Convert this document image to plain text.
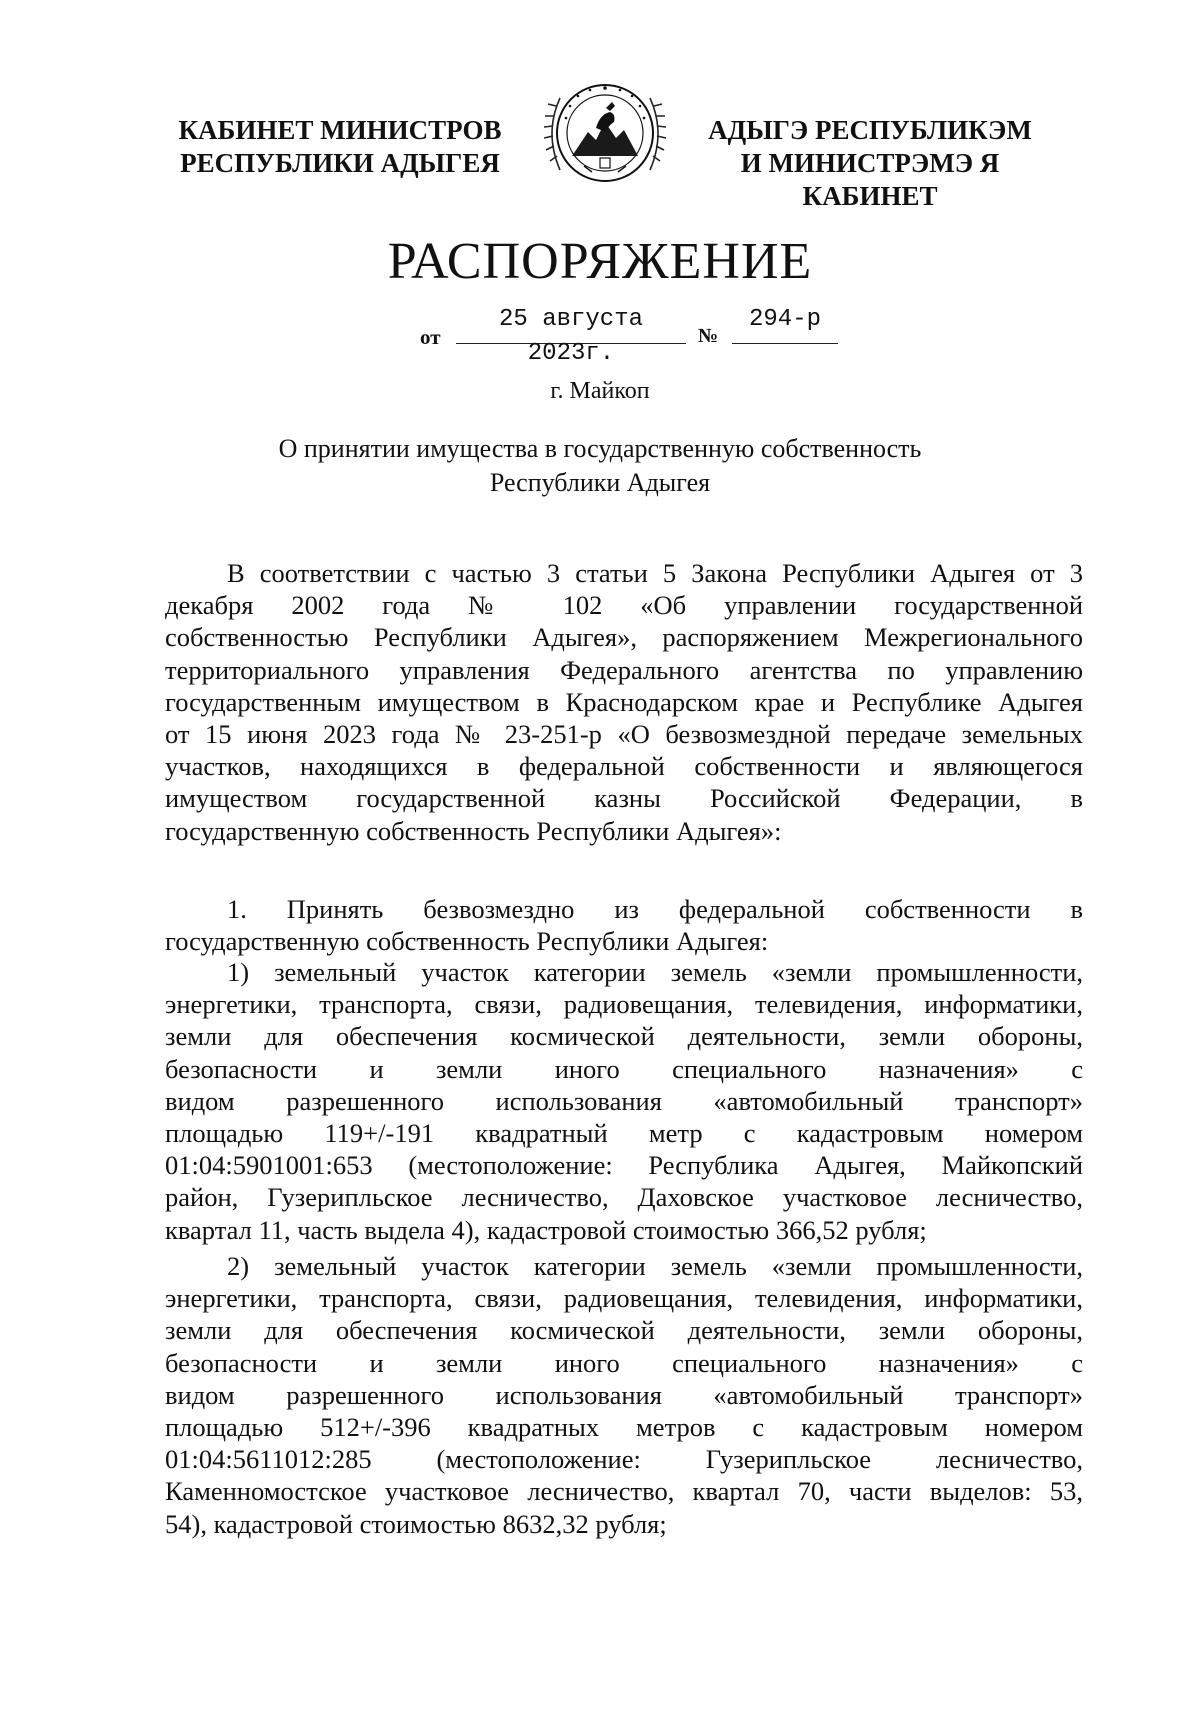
КАБИНЕТ МИНИСТРОВ
РЕСПУБЛИКИ АДЫГЕЯ
АДЫГЭ РЕСПУБЛИКЭМ
И МИНИСТРЭМЭ Я КАБИНЕТ
РАСПОРЯЖЕНИЕ
от
25 августа 2023г.
№
294-р
г. Майкоп
О принятии имущества в государственную собственность
Республики Адыгея
В соответствии с частью 3 статьи 5 Закона Республики Адыгея от 3
декабря 2002 года № 102 «Об управлении государственной
собственностью Республики Адыгея», распоряжением Межрегионального
территориального управления Федерального агентства по управлению
государственным имуществом в Краснодарском крае и Республике Адыгея
от 15 июня 2023 года № 23-251-р «О безвозмездной передаче земельных
участков, находящихся в федеральной собственности и являющегося
имуществом государственной казны Российской Федерации, в
государственную собственность Республики Адыгея»:
1. Принять безвозмездно из федеральной собственности в
государственную собственность Республики Адыгея:
1) земельный участок категории земель «земли промышленности,
энергетики, транспорта, связи, радиовещания, телевидения, информатики,
земли для обеспечения космической деятельности, земли обороны,
безопасности и земли иного специального назначения» с
видом разрешенного использования «автомобильный транспорт»
площадью 119+/-191 квадратный метр с кадастровым номером
01:04:5901001:653 (местоположение: Республика Адыгея, Майкопский
район, Гузерипльское лесничество, Даховское участковое лесничество,
квартал 11, часть выдела 4), кадастровой стоимостью 366,52 рубля;
2) земельный участок категории земель «земли промышленности,
энергетики, транспорта, связи, радиовещания, телевидения, информатики,
земли для обеспечения космической деятельности, земли обороны,
безопасности и земли иного специального назначения» с
видом разрешенного использования «автомобильный транспорт»
площадью 512+/-396 квадратных метров с кадастровым номером
01:04:5611012:285 (местоположение: Гузерипльское лесничество,
Каменномостское участковое лесничество, квартал 70, части выделов: 53,
54), кадастровой стоимостью 8632,32 рубля;
